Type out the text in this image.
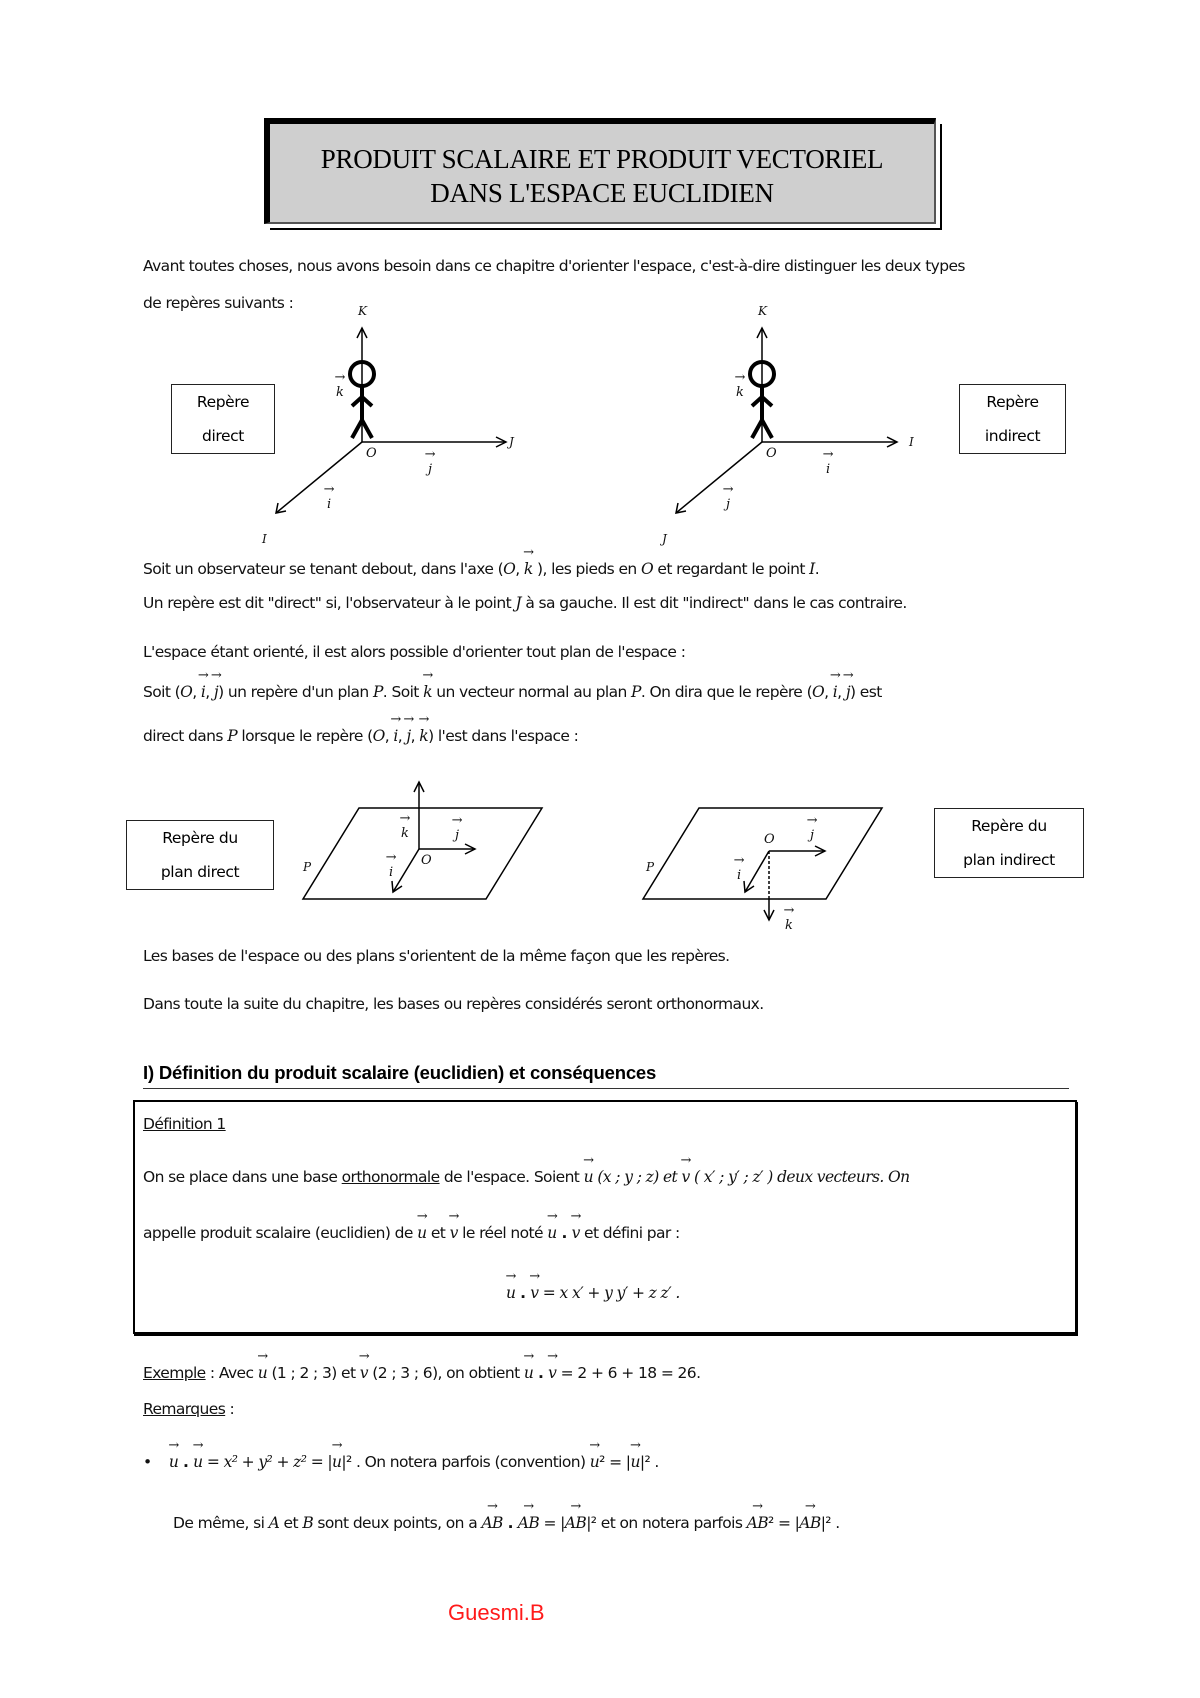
PRODUIT SCALAIRE ET PRODUIT VECTORIEL
DANS L'ESPACE EUCLIDIEN
Avant toutes choses, nous avons besoin dans ce chapitre d'orienter l'espace, c'est-à-dire distinguer les deux types
de repères suivants :
Repère
direct
K
J
I
O
→ k
→ j
→ i
Repère
indirect
K
I
J
O
→ k
→ i
→ j
Soit un observateur se tenant debout, dans l'axe (O, → k ), les pieds en O et regardant le point I.
Un repère est dit "direct" si, l'observateur à le point J à sa gauche. Il est dit "indirect" dans le cas contraire.
L'espace étant orienté, il est alors possible d'orienter tout plan de l'espace :
Soit (O, → i, → j) un repère d'un plan P. Soit → k un vecteur normal au plan P. On dira que le repère (O, → i, → j) est
direct dans P lorsque le repère (O, → i, → j, → k) l'est dans l'espace :
Repère du
plan direct
Repère du
plan indirect
P	O
→ k	→ j
→ i	P
O	→ j
→ i
→ k
Les bases de l'espace ou des plans s'orientent de la même façon que les repères.
Dans toute la suite du chapitre, les bases ou repères considérés seront orthonormaux.
I) Définition du produit scalaire (euclidien) et conséquences
Définition 1
On se place dans une base orthonormale de l'espace. Soient → u (x ; y ; z) et → v ( x′ ; y′ ; z′ ) deux vecteurs. On
appelle produit scalaire (euclidien) de → u et → v le réel noté → u . → v et défini par :
→ u . → v = x x′ + y y′ + z z′ .
Exemple : Avec → u (1 ; 2 ; 3) et → v (2 ; 3 ; 6), on obtient → u . → v = 2 + 6 + 18 = 26.
Remarques :
• → u . → u = x² + y² + z² = |→ u|² . On notera parfois (convention) → u² = |→ u|² .
De même, si A et B sont deux points, on a → AB . → AB = |→ AB|² et on notera parfois → AB² = |→ AB|² .
Guesmi.B
